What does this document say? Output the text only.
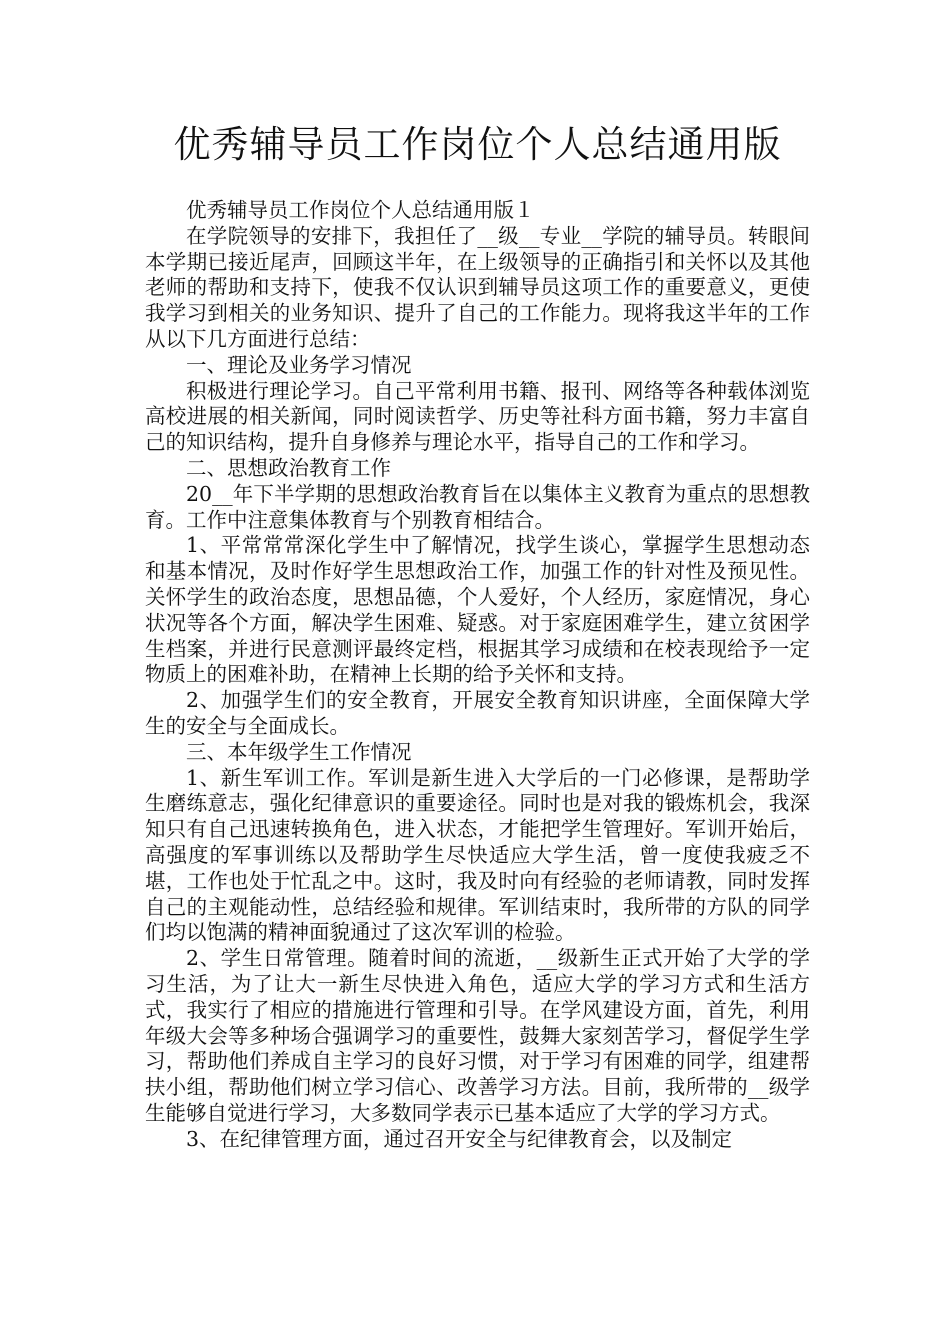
优秀辅导员工作岗位个人总结通用版

优秀辅导员工作岗位个人总结通用版１

在学院领导的安排下，我担任了__级__专业__学院的辅导员。转眼间本学期已接近尾声，回顾这半年，在上级领导的正确指引和关怀以及其他老师的帮助和支持下，使我不仅认识到辅导员这项工作的重要意义，更使我学习到相关的业务知识、提升了自己的工作能力。现将我这半年的工作从以下几方面进行总结：

一、理论及业务学习情况

积极进行理论学习。自己平常利用书籍、报刊、网络等各种载体浏览高校进展的相关新闻，同时阅读哲学、历史等社科方面书籍，努力丰富自己的知识结构，提升自身修养与理论水平，指导自己的工作和学习。

二、思想政治教育工作

20__年下半学期的思想政治教育旨在以集体主义教育为重点的思想教育。工作中注意集体教育与个别教育相结合。

1、平常常常深化学生中了解情况，找学生谈心，掌握学生思想动态和基本情况，及时作好学生思想政治工作，加强工作的针对性及预见性。关怀学生的政治态度，思想品德，个人爱好，个人经历，家庭情况，身心状况等各个方面，解决学生困难、疑惑。对于家庭困难学生，建立贫困学生档案，并进行民意测评最终定档，根据其学习成绩和在校表现给予一定物质上的困难补助，在精神上长期的给予关怀和支持。

2、加强学生们的安全教育，开展安全教育知识讲座，全面保障大学生的安全与全面成长。

三、本年级学生工作情况

1、新生军训工作。军训是新生进入大学后的一门必修课，是帮助学生磨练意志，强化纪律意识的重要途径。同时也是对我的锻炼机会，我深知只有自己迅速转换角色，进入状态，才能把学生管理好。军训开始后，高强度的军事训练以及帮助学生尽快适应大学生活，曾一度使我疲乏不堪，工作也处于忙乱之中。这时，我及时向有经验的老师请教，同时发挥自己的主观能动性，总结经验和规律。军训结束时，我所带的方队的同学们均以饱满的精神面貌通过了这次军训的检验。

2、学生日常管理。随着时间的流逝，__级新生正式开始了大学的学习生活，为了让大一新生尽快进入角色，适应大学的学习方式和生活方式，我实行了相应的措施进行管理和引导。在学风建设方面，首先，利用年级大会等多种场合强调学习的重要性，鼓舞大家刻苦学习，督促学生学习，帮助他们养成自主学习的良好习惯，对于学习有困难的同学，组建帮扶小组，帮助他们树立学习信心、改善学习方法。目前，我所带的__级学生能够自觉进行学习，大多数同学表示已基本适应了大学的学习方式。

3、在纪律管理方面，通过召开安全与纪律教育会，以及制定
